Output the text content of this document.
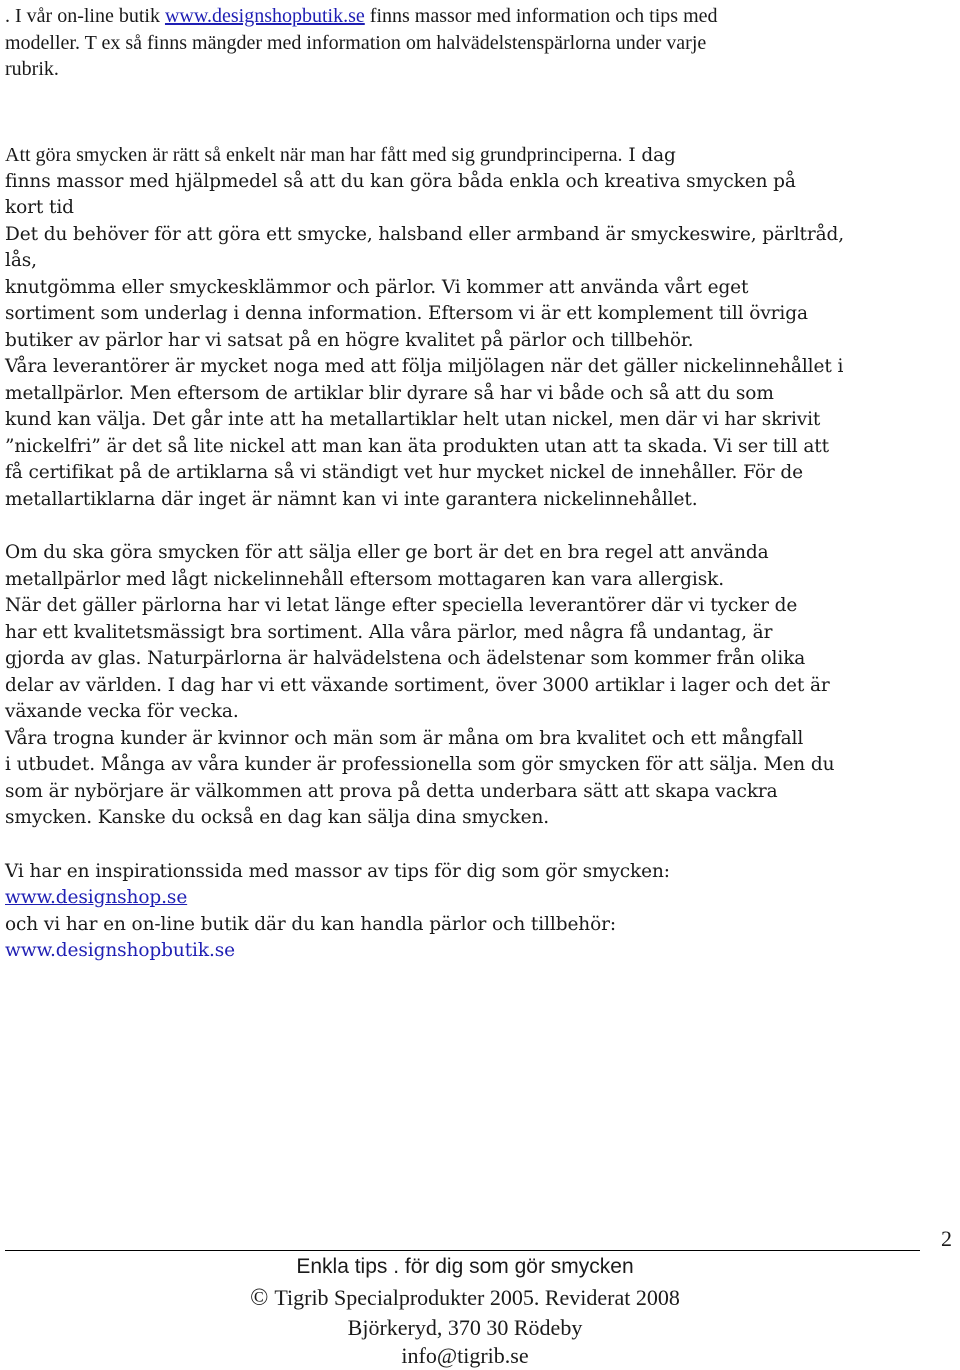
. I vår on-line butik www.designshopbutik.se finns massor med information och tips med
modeller. T ex så finns mängder med information om halvädelstenspärlorna under varje
rubrik.
Att göra smycken är rätt så enkelt när man har fått med sig grundprinciperna. I dag
finns massor med hjälpmedel så att du kan göra båda enkla och kreativa smycken på
kort tid
Det du behöver för att göra ett smycke, halsband eller armband är smyckeswire, pärltråd,
lås,
knutgömma eller smyckesklämmor och pärlor. Vi kommer att använda vårt eget
sortiment som underlag i denna information. Eftersom vi är ett komplement till övriga
butiker av pärlor har vi satsat på en högre kvalitet på pärlor och tillbehör.
Våra leverantörer är mycket noga med att följa miljölagen när det gäller nickelinnehållet i
metallpärlor. Men eftersom de artiklar blir dyrare så har vi både och så att du som
kund kan välja. Det går inte att ha metallartiklar helt utan nickel, men där vi har skrivit
”nickelfri” är det så lite nickel att man kan äta produkten utan att ta skada. Vi ser till att
få certifikat på de artiklarna så vi ständigt vet hur mycket nickel de innehåller. För de
metallartiklarna där inget är nämnt kan vi inte garantera nickelinnehållet.
Om du ska göra smycken för att sälja eller ge bort är det en bra regel att använda
metallpärlor med lågt nickelinnehåll eftersom mottagaren kan vara allergisk.
När det gäller pärlorna har vi letat länge efter speciella leverantörer där vi tycker de
har ett kvalitetsmässigt bra sortiment. Alla våra pärlor, med några få undantag, är
gjorda av glas. Naturpärlorna är halvädelstena och ädelstenar som kommer från olika
delar av världen. I dag har vi ett växande sortiment, över 3000 artiklar i lager och det är
växande vecka för vecka.
Våra trogna kunder är kvinnor och män som är måna om bra kvalitet och ett mångfall
i utbudet. Många av våra kunder är professionella som gör smycken för att sälja. Men du
som är nybörjare är välkommen att prova på detta underbara sätt att skapa vackra
smycken. Kanske du också en dag kan sälja dina smycken.
Vi har en inspirationssida med massor av tips för dig som gör smycken:
www.designshop.se
och vi har en on-line butik där du kan handla pärlor och tillbehör:
www.designshopbutik.se
2
Enkla tips . för dig som gör smycken
© Tigrib Specialprodukter 2005. Reviderat 2008
Björkeryd, 370 30 Rödeby
info@tigrib.se
